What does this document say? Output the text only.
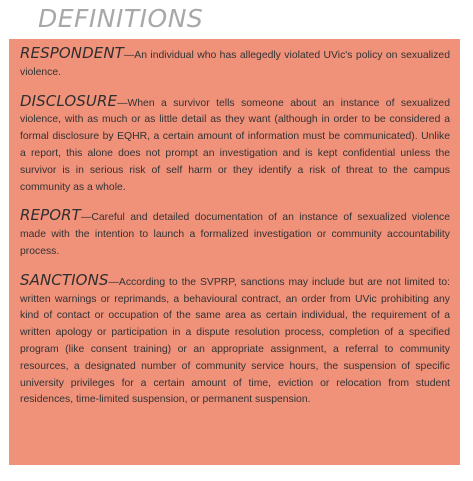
DEFINITIONS

RESPONDENT—An individual who has allegedly violated UVic's policy on sexualized violence.

DISCLOSURE—When a survivor tells someone about an instance of sexualized violence, with as much or as little detail as they want (although in order to be considered a formal disclosure by EQHR, a certain amount of information must be communicated). Unlike a report, this alone does not prompt an investigation and is kept confidential unless the survivor is in serious risk of self harm or they identify a risk of threat to the campus community as a whole.

REPORT—Careful and detailed documentation of an instance of sexualized violence made with the intention to launch a formalized investigation or community accountability process.

SANCTIONS—According to the SVPRP, sanctions may include but are not limited to: written warnings or reprimands, a behavioural contract, an order from UVic prohibiting any kind of contact or occupation of the same area as certain individual, the requirement of a written apology or participation in a dispute resolution process, completion of a specified program (like consent training) or an appropriate assignment, a referral to community resources, a designated number of community service hours, the suspension of specific university privileges for a certain amount of time, eviction or relocation from student residences, time-limited suspension, or permanent suspension.
